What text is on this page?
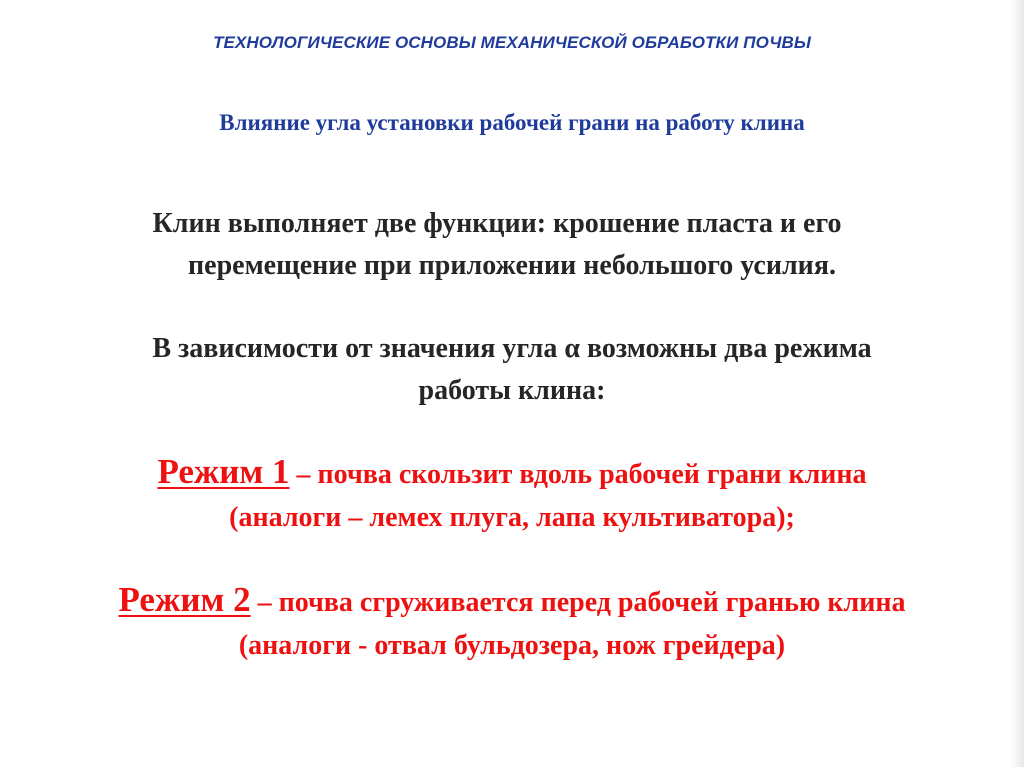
ТЕХНОЛОГИЧЕСКИЕ ОСНОВЫ МЕХАНИЧЕСКОЙ ОБРАБОТКИ ПОЧВЫ
Влияние угла установки рабочей грани на работу клина
Клин выполняет две функции: крошение пласта и его
перемещение при приложении небольшого усилия.
В зависимости от значения угла α возможны два режима
работы клина:
Режим 1 – почва скользит вдоль рабочей грани клина
(аналоги – лемех плуга, лапа культиватора);
Режим 2 – почва сгруживается перед рабочей гранью клина
(аналоги - отвал бульдозера, нож грейдера)
